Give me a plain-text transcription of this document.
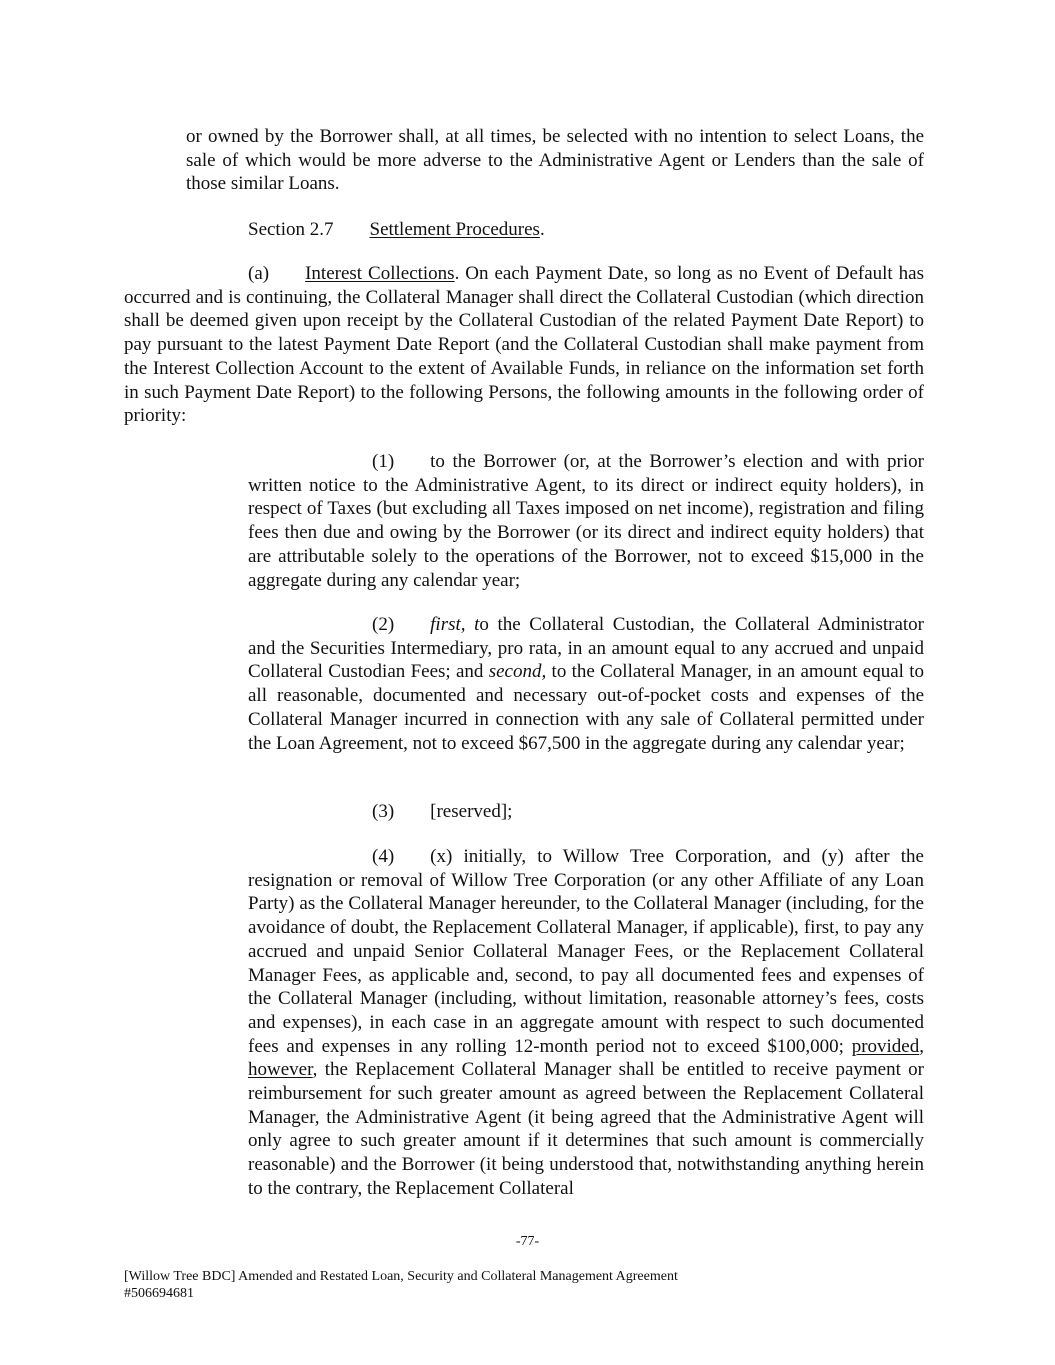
or owned by the Borrower shall, at all times, be selected with no intention to select Loans, the sale of which would be more adverse to the Administrative Agent or Lenders than the sale of those similar Loans.

Section 2.7 Settlement Procedures.

(a) Interest Collections. On each Payment Date, so long as no Event of Default has occurred and is continuing, the Collateral Manager shall direct the Collateral Custodian (which direction shall be deemed given upon receipt by the Collateral Custodian of the related Payment Date Report) to pay pursuant to the latest Payment Date Report (and the Collateral Custodian shall make payment from the Interest Collection Account to the extent of Available Funds, in reliance on the information set forth in such Payment Date Report) to the following Persons, the following amounts in the following order of priority:

(1) to the Borrower (or, at the Borrower’s election and with prior written notice to the Administrative Agent, to its direct or indirect equity holders), in respect of Taxes (but excluding all Taxes imposed on net income), registration and filing fees then due and owing by the Borrower (or its direct and indirect equity holders) that are attributable solely to the operations of the Borrower, not to exceed $15,000 in the aggregate during any calendar year;

(2) first, to the Collateral Custodian, the Collateral Administrator and the Securities Intermediary, pro rata, in an amount equal to any accrued and unpaid Collateral Custodian Fees; and second, to the Collateral Manager, in an amount equal to all reasonable, documented and necessary out-of-pocket costs and expenses of the Collateral Manager incurred in connection with any sale of Collateral permitted under the Loan Agreement, not to exceed $67,500 in the aggregate during any calendar year;

(3) [reserved];

(4) (x) initially, to Willow Tree Corporation, and (y) after the resignation or removal of Willow Tree Corporation (or any other Affiliate of any Loan Party) as the Collateral Manager hereunder, to the Collateral Manager (including, for the avoidance of doubt, the Replacement Collateral Manager, if applicable), first, to pay any accrued and unpaid Senior Collateral Manager Fees, or the Replacement Collateral Manager Fees, as applicable and, second, to pay all documented fees and expenses of the Collateral Manager (including, without limitation, reasonable attorney’s fees, costs and expenses), in each case in an aggregate amount with respect to such documented fees and expenses in any rolling 12-month period not to exceed $100,000; provided, however, the Replacement Collateral Manager shall be entitled to receive payment or reimbursement for such greater amount as agreed between the Replacement Collateral Manager, the Administrative Agent (it being agreed that the Administrative Agent will only agree to such greater amount if it determines that such amount is commercially reasonable) and the Borrower (it being understood that, notwithstanding anything herein to the contrary, the Replacement Collateral

-77-
[Willow Tree BDC] Amended and Restated Loan, Security and Collateral Management Agreement
#506694681
